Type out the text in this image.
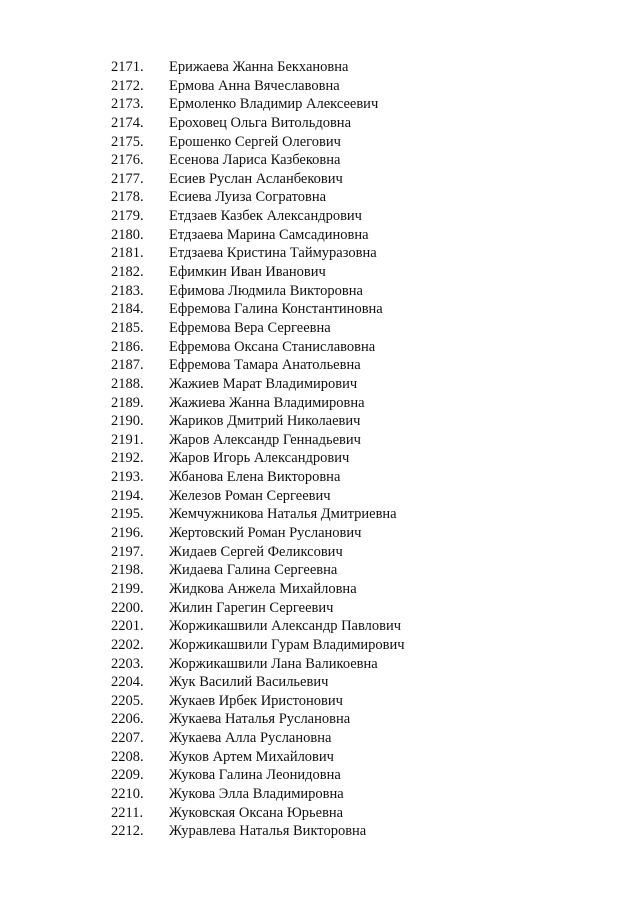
2171. Ерижаева Жанна Бекхановна
2172. Ермова Анна Вячеславовна
2173. Ермоленко Владимир Алексеевич
2174. Ероховец Ольга Витольдовна
2175. Ерошенко Сергей Олегович
2176. Есенова Лариса Казбековна
2177. Есиев Руслан Асланбекович
2178. Есиева Луиза Согратовна
2179. Етдзаев Казбек Александрович
2180. Етдзаева Марина Самсадиновна
2181. Етдзаева Кристина Таймуразовна
2182. Ефимкин Иван Иванович
2183. Ефимова Людмила Викторовна
2184. Ефремова Галина Константиновна
2185. Ефремова Вера Сергеевна
2186. Ефремова Оксана Станиславовна
2187. Ефремова Тамара Анатольевна
2188. Жажиев Марат Владимирович
2189. Жажиева Жанна Владимировна
2190. Жариков Дмитрий Николаевич
2191. Жаров Александр Геннадьевич
2192. Жаров Игорь Александрович
2193. Жбанова Елена Викторовна
2194. Железов Роман Сергеевич
2195. Жемчужникова Наталья Дмитриевна
2196. Жертовский Роман Русланович
2197. Жидаев Сергей Феликсович
2198. Жидаева Галина Сергеевна
2199. Жидкова Анжела Михайловна
2200. Жилин Гарегин Сергеевич
2201. Жоржикашвили Александр Павлович
2202. Жоржикашвили Гурам Владимирович
2203. Жоржикашвили Лана Валикоевна
2204. Жук Василий Васильевич
2205. Жукаев Ирбек Иристонович
2206. Жукаева Наталья Руслановна
2207. Жукаева Алла Руслановна
2208. Жуков Артем Михайлович
2209. Жукова Галина Леонидовна
2210. Жукова Элла Владимировна
2211. Жуковская Оксана Юрьевна
2212. Журавлева Наталья Викторовна
